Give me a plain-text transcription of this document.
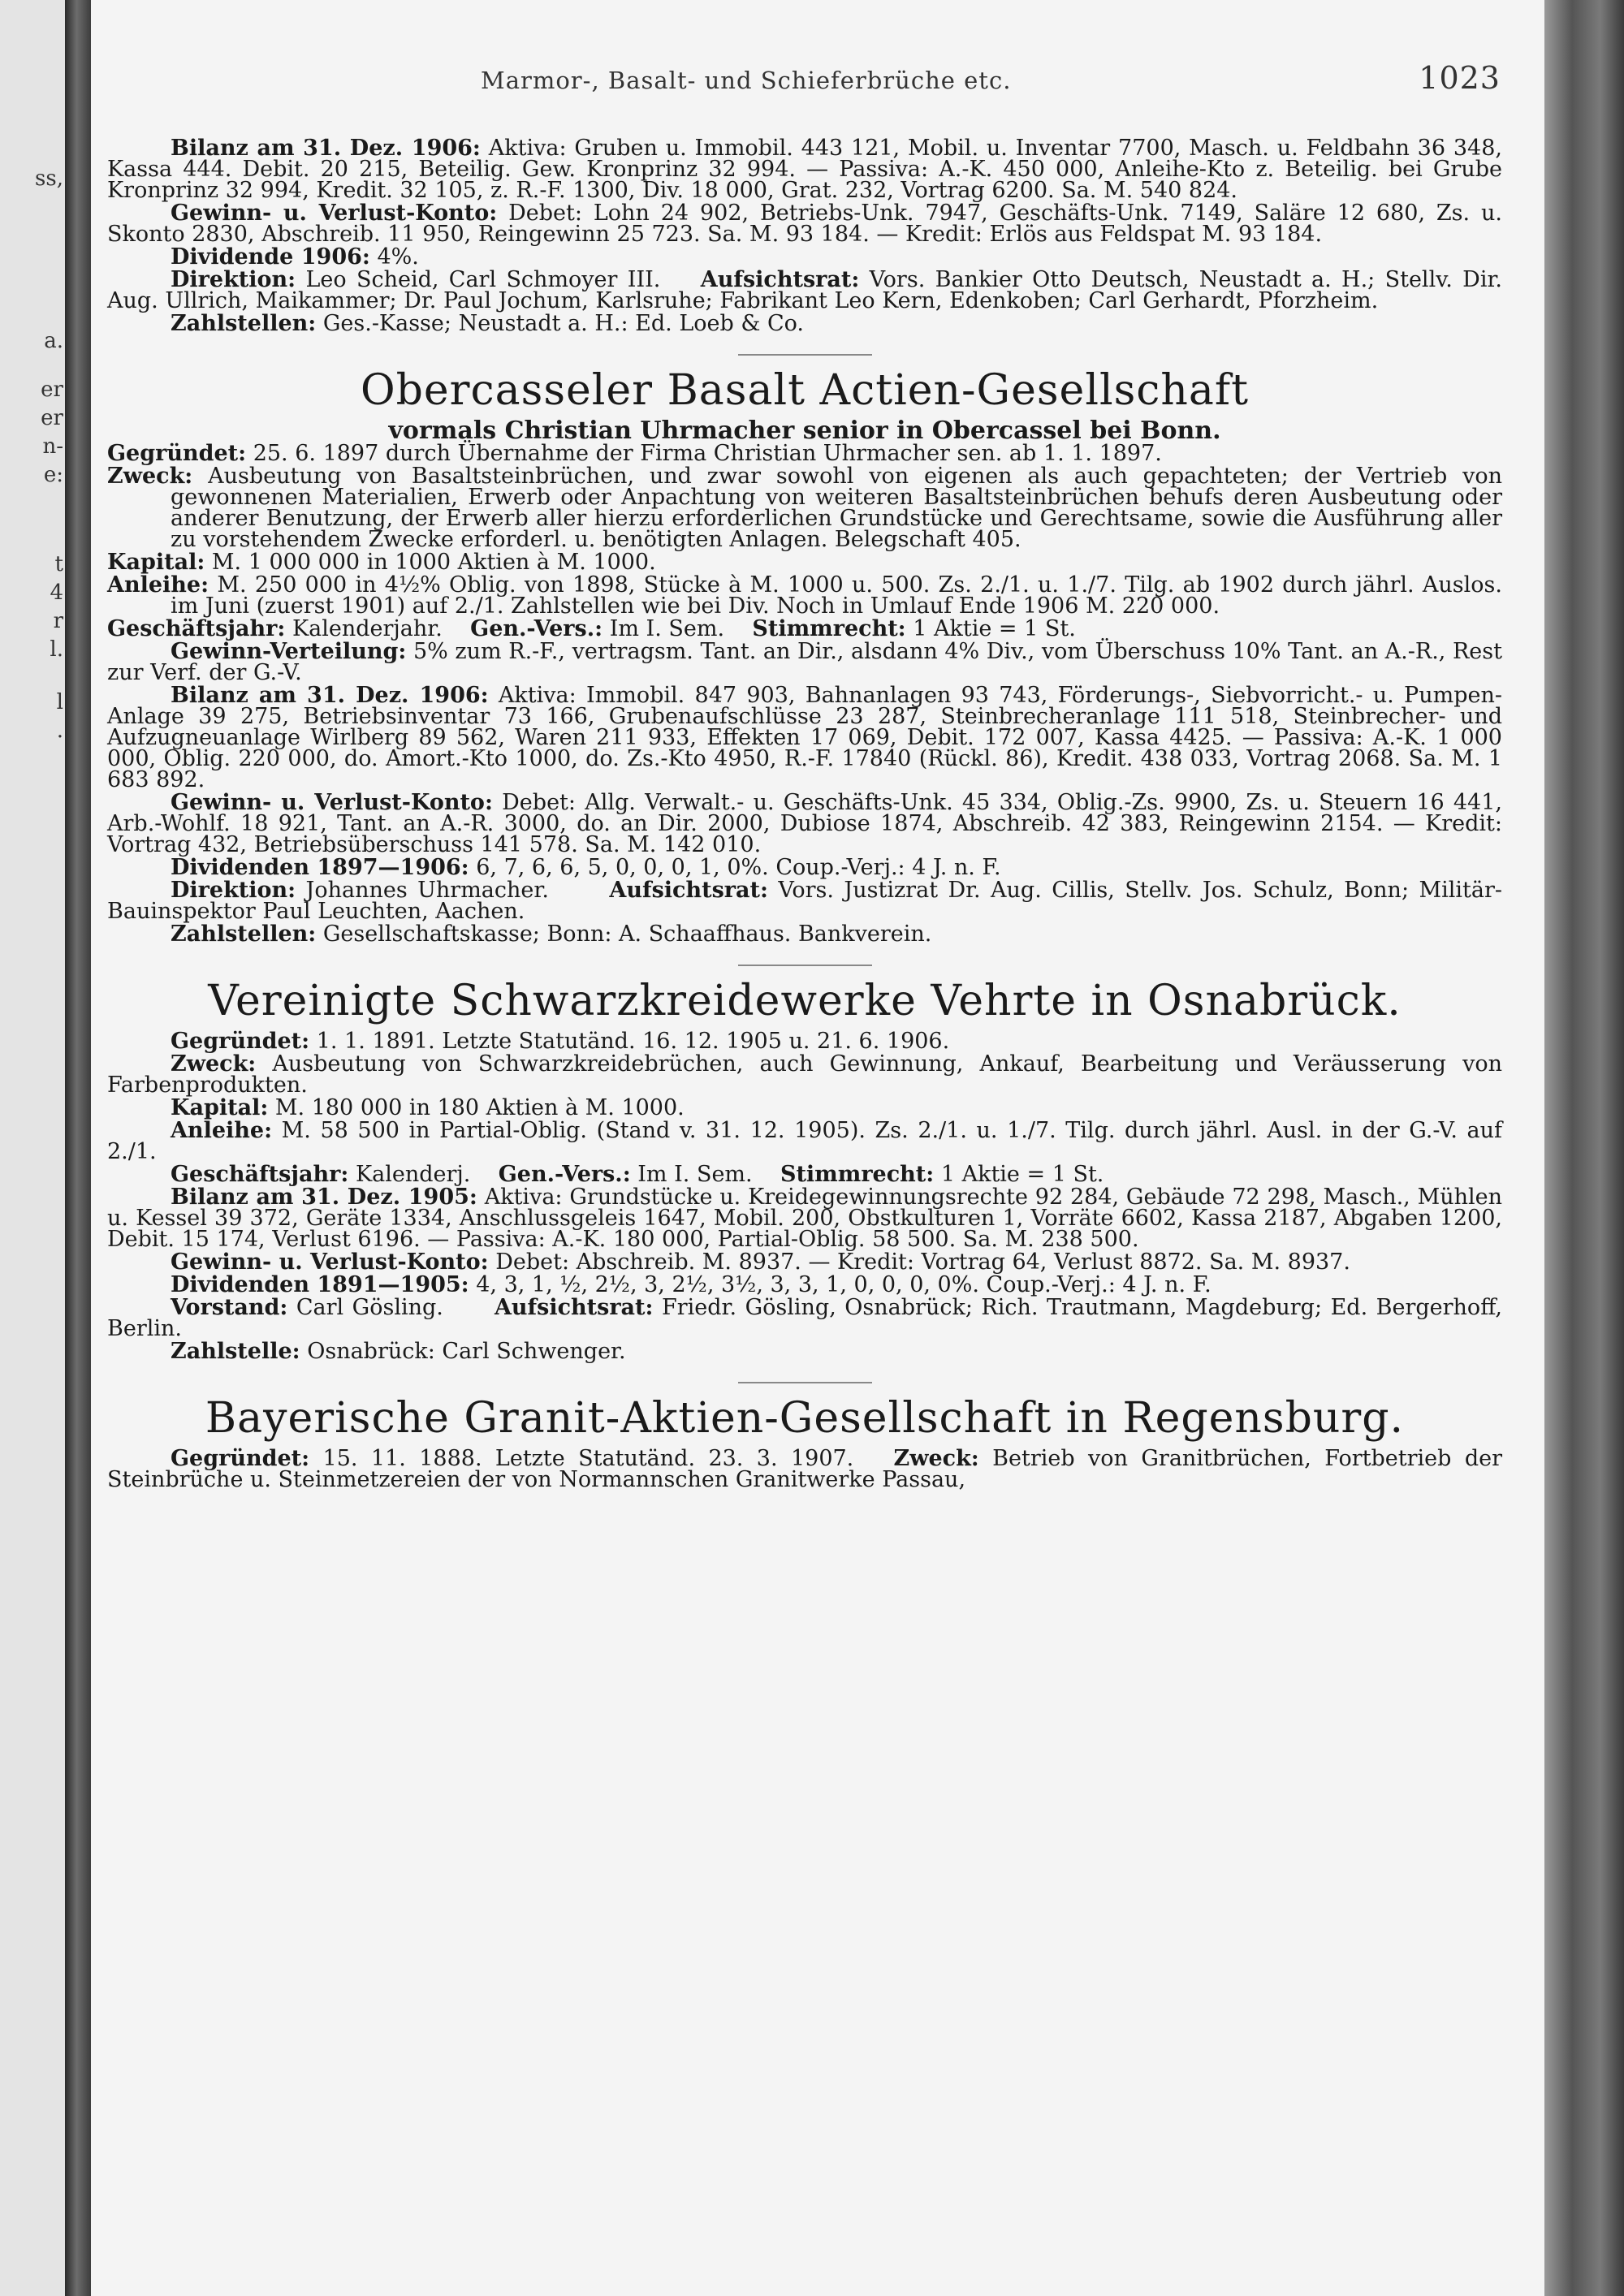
ss,
a.
er
er
n-
e:
t
4
r
l.
l
.
Marmor-, Basalt- und Schieferbrüche etc.	1023

Bilanz am 31. Dez. 1906: Aktiva: Gruben u. Immobil. 443 121, Mobil. u. Inventar 7700, Masch. u. Feldbahn 36 348, Kassa 444. Debit. 20 215, Beteilig. Gew. Kronprinz 32 994. — Passiva: A.-K. 450 000, Anleihe-Kto z. Beteilig. bei Grube Kronprinz 32 994, Kredit. 32 105, z. R.-F. 1300, Div. 18 000, Grat. 232, Vortrag 6200. Sa. M. 540 824.

Gewinn- u. Verlust-Konto: Debet: Lohn 24 902, Betriebs-Unk. 7947, Geschäfts-Unk. 7149, Saläre 12 680, Zs. u. Skonto 2830, Abschreib. 11 950, Reingewinn 25 723. Sa. M. 93 184. — Kredit: Erlös aus Feldspat M. 93 184.

Dividende 1906: 4%.

Direktion: Leo Scheid, Carl Schmoyer III. Aufsichtsrat: Vors. Bankier Otto Deutsch, Neustadt a. H.; Stellv. Dir. Aug. Ullrich, Maikammer; Dr. Paul Jochum, Karlsruhe; Fabrikant Leo Kern, Edenkoben; Carl Gerhardt, Pforzheim.

Zahlstellen: Ges.-Kasse; Neustadt a. H.: Ed. Loeb & Co.

Obercasseler Basalt Actien-Gesellschaft

vormals Christian Uhrmacher senior in Obercassel bei Bonn.

Gegründet: 25. 6. 1897 durch Übernahme der Firma Christian Uhrmacher sen. ab 1. 1. 1897.

Zweck: Ausbeutung von Basaltsteinbrüchen, und zwar sowohl von eigenen als auch gepachteten; der Vertrieb von gewonnenen Materialien, Erwerb oder Anpachtung von weiteren Basaltsteinbrüchen behufs deren Ausbeutung oder anderer Benutzung, der Erwerb aller hierzu erforderlichen Grundstücke und Gerechtsame, sowie die Ausführung aller zu vorstehendem Zwecke erforderl. u. benötigten Anlagen. Belegschaft 405.

Kapital: M. 1 000 000 in 1000 Aktien à M. 1000.

Anleihe: M. 250 000 in 4½% Oblig. von 1898, Stücke à M. 1000 u. 500. Zs. 2./1. u. 1./7. Tilg. ab 1902 durch jährl. Auslos. im Juni (zuerst 1901) auf 2./1. Zahlstellen wie bei Div. Noch in Umlauf Ende 1906 M. 220 000.

Geschäftsjahr: Kalenderjahr. Gen.-Vers.: Im I. Sem. Stimmrecht: 1 Aktie = 1 St.

Gewinn-Verteilung: 5% zum R.-F., vertragsm. Tant. an Dir., alsdann 4% Div., vom Überschuss 10% Tant. an A.-R., Rest zur Verf. der G.-V.

Bilanz am 31. Dez. 1906: Aktiva: Immobil. 847 903, Bahnanlagen 93 743, Förderungs-, Siebvorricht.- u. Pumpen-Anlage 39 275, Betriebsinventar 73 166, Grubenaufschlüsse 23 287, Steinbrecheranlage 111 518, Steinbrecher- und Aufzugneuanlage Wirlberg 89 562, Waren 211 933, Effekten 17 069, Debit. 172 007, Kassa 4425. — Passiva: A.-K. 1 000 000, Oblig. 220 000, do. Amort.-Kto 1000, do. Zs.-Kto 4950, R.-F. 17840 (Rückl. 86), Kredit. 438 033, Vortrag 2068. Sa. M. 1 683 892.

Gewinn- u. Verlust-Konto: Debet: Allg. Verwalt.- u. Geschäfts-Unk. 45 334, Oblig.-Zs. 9900, Zs. u. Steuern 16 441, Arb.-Wohlf. 18 921, Tant. an A.-R. 3000, do. an Dir. 2000, Dubiose 1874, Abschreib. 42 383, Reingewinn 2154. — Kredit: Vortrag 432, Betriebsüberschuss 141 578. Sa. M. 142 010.

Dividenden 1897—1906: 6, 7, 6, 6, 5, 0, 0, 0, 1, 0%. Coup.-Verj.: 4 J. n. F.

Direktion: Johannes Uhrmacher.	Aufsichtsrat: Vors. Justizrat Dr. Aug. Cillis, Stellv. Jos. Schulz, Bonn; Militär-Bauinspektor Paul Leuchten, Aachen.

Zahlstellen: Gesellschaftskasse; Bonn: A. Schaaffhaus. Bankverein.

Vereinigte Schwarzkreidewerke Vehrte in Osnabrück.

Gegründet: 1. 1. 1891. Letzte Statutänd. 16. 12. 1905 u. 21. 6. 1906.

Zweck: Ausbeutung von Schwarzkreidebrüchen, auch Gewinnung, Ankauf, Bearbeitung und Veräusserung von Farbenprodukten.

Kapital: M. 180 000 in 180 Aktien à M. 1000.

Anleihe: M. 58 500 in Partial-Oblig. (Stand v. 31. 12. 1905). Zs. 2./1. u. 1./7. Tilg. durch jährl. Ausl. in der G.-V. auf 2./1.

Geschäftsjahr: Kalenderj. Gen.-Vers.: Im I. Sem. Stimmrecht: 1 Aktie = 1 St.

Bilanz am 31. Dez. 1905: Aktiva: Grundstücke u. Kreidegewinnungsrechte 92 284, Gebäude 72 298, Masch., Mühlen u. Kessel 39 372, Geräte 1334, Anschlussgeleis 1647, Mobil. 200, Obstkulturen 1, Vorräte 6602, Kassa 2187, Abgaben 1200, Debit. 15 174, Verlust 6196. — Passiva: A.-K. 180 000, Partial-Oblig. 58 500. Sa. M. 238 500.

Gewinn- u. Verlust-Konto: Debet: Abschreib. M. 8937. — Kredit: Vortrag 64, Verlust 8872. Sa. M. 8937.

Dividenden 1891—1905: 4, 3, 1, ½, 2½, 3, 2½, 3½, 3, 3, 1, 0, 0, 0, 0%. Coup.-Verj.: 4 J. n. F.

Vorstand: Carl Gösling. Aufsichtsrat: Friedr. Gösling, Osnabrück; Rich. Trautmann, Magdeburg; Ed. Bergerhoff, Berlin.

Zahlstelle: Osnabrück: Carl Schwenger.

Bayerische Granit-Aktien-Gesellschaft in Regensburg.

Gegründet: 15. 11. 1888. Letzte Statutänd. 23. 3. 1907. Zweck: Betrieb von Granitbrüchen, Fortbetrieb der Steinbrüche u. Steinmetzereien der von Normannschen Granitwerke Passau,
